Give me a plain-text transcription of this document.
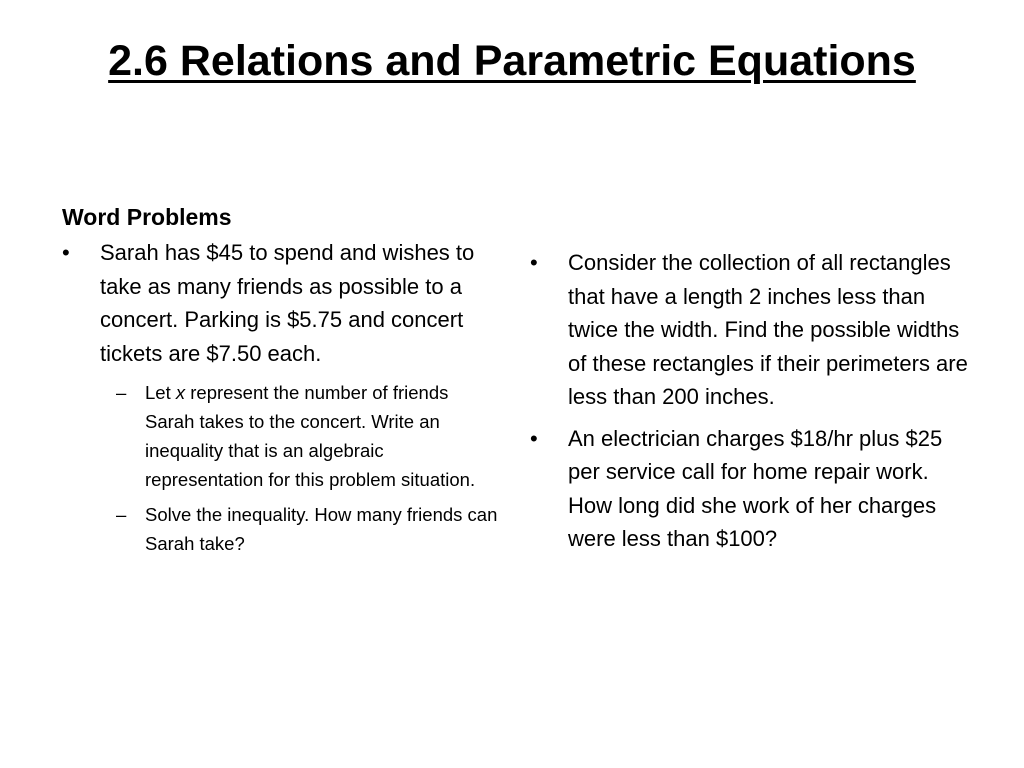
2.6 Relations and Parametric Equations

Word Problems

•	Sarah has $45 to spend and wishes to take as many friends as possible to a concert. Parking is $5.75 and concert tickets are $7.50 each.
– Let x represent the number of friends Sarah takes to the concert. Write an inequality that is an algebraic representation for this problem situation.
– Solve the inequality. How many friends can Sarah take?
•	Consider the collection of all rectangles that have a length 2 inches less than twice the width. Find the possible widths of these rectangles if their perimeters are less than 200 inches.
•	An electrician charges $18/hr plus $25 per service call for home repair work. How long did she work of her charges were less than $100?
